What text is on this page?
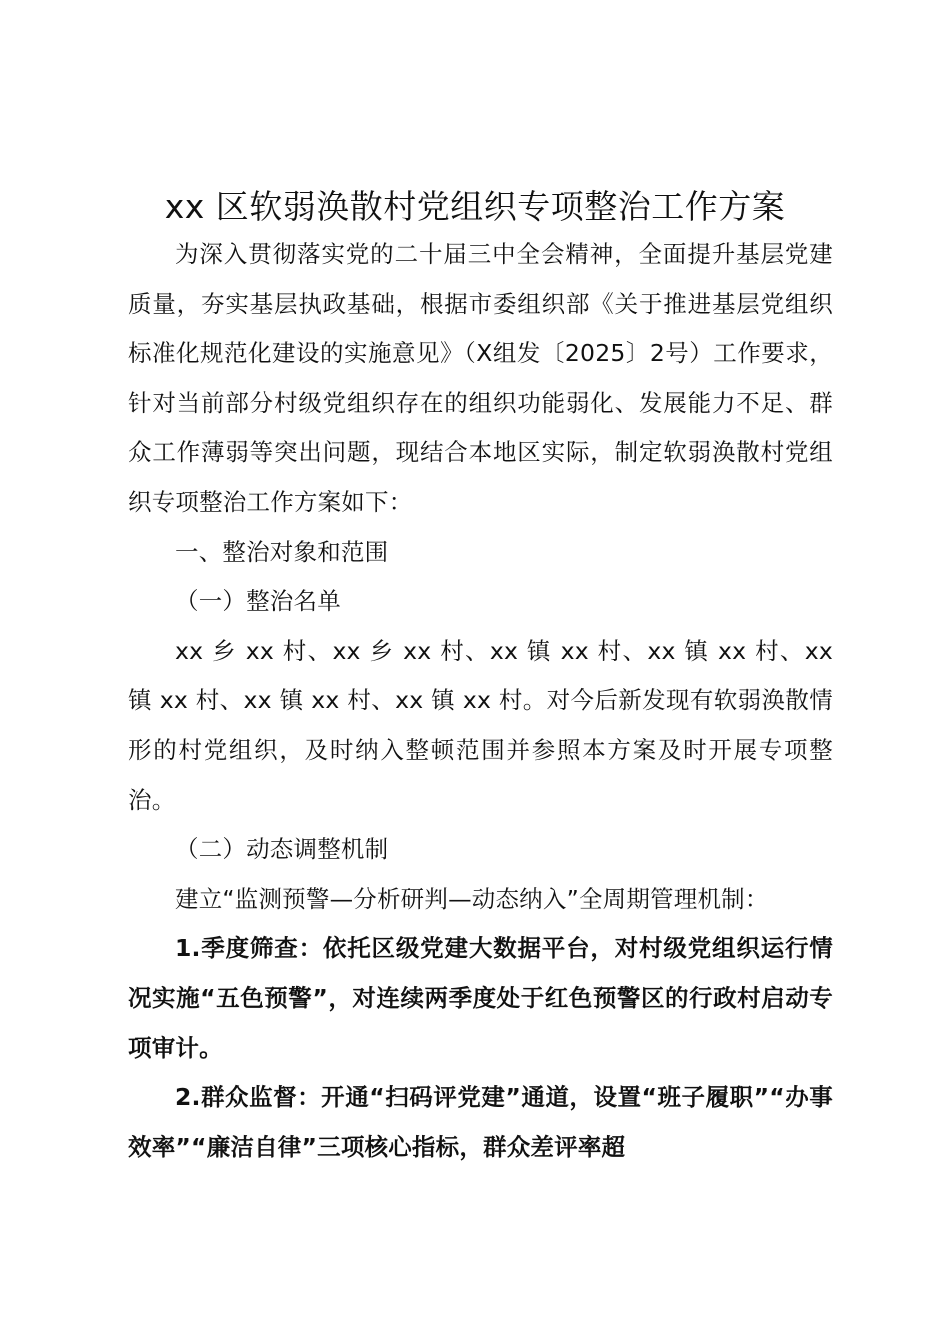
xx 区软弱涣散村党组织专项整治工作方案

为深入贯彻落实党的二十届三中全会精神，全面提升基层党建质量，夯实基层执政基础，根据市委组织部《关于推进基层党组织标准化规范化建设的实施意见》（X组发〔2025〕2号）工作要求，针对当前部分村级党组织存在的组织功能弱化、发展能力不足、群众工作薄弱等突出问题，现结合本地区实际，制定软弱涣散村党组织专项整治工作方案如下：

一、整治对象和范围

（一）整治名单

xx 乡 xx 村、xx 乡 xx 村、xx 镇 xx 村、xx 镇 xx 村、xx 镇 xx 村、xx 镇 xx 村、xx 镇 xx 村。对今后新发现有软弱涣散情形的村党组织，及时纳入整顿范围并参照本方案及时开展专项整治。

（二）动态调整机制

建立“监测预警—分析研判—动态纳入”全周期管理机制：

1.季度筛查：依托区级党建大数据平台，对村级党组织运行情况实施“五色预警”，对连续两季度处于红色预警区的行政村启动专项审计。

2.群众监督：开通“扫码评党建”通道，设置“班子履职”“办事效率”“廉洁自律”三项核心指标，群众差评率超
